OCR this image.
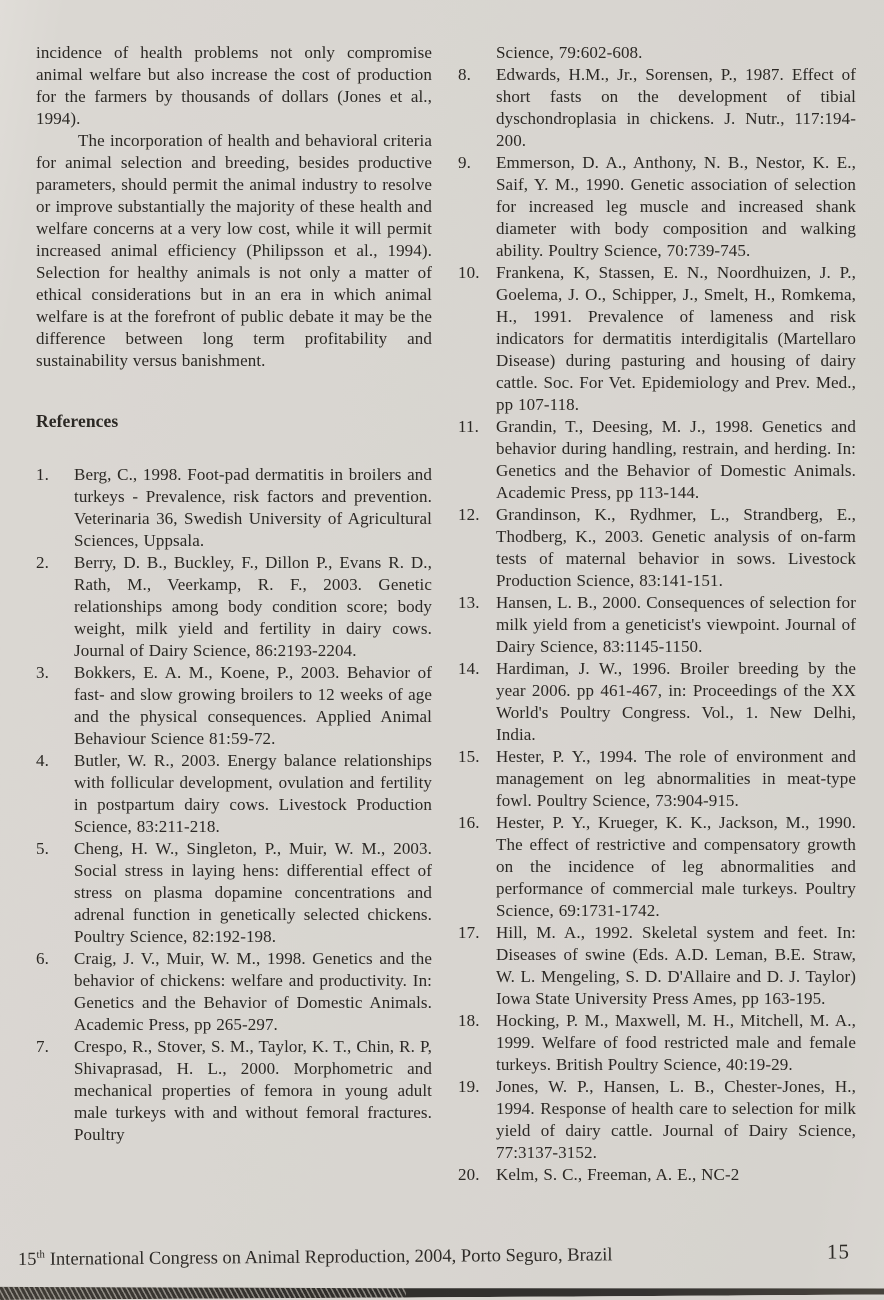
incidence of health problems not only compromise animal welfare but also increase the cost of production for the farmers by thousands of dollars (Jones et al., 1994).

The incorporation of health and behavioral criteria for animal selection and breeding, besides productive parameters, should permit the animal industry to resolve or improve substantially the majority of these health and welfare concerns at a very low cost, while it will permit increased animal efficiency (Philipsson et al., 1994). Selection for healthy animals is not only a matter of ethical considerations but in an era in which animal welfare is at the forefront of public debate it may be the difference between long term profitability and sustainability versus banishment.

References
1.	Berg, C., 1998. Foot-pad dermatitis in broilers and turkeys - Prevalence, risk factors and prevention. Veterinaria 36, Swedish University of Agricultural Sciences, Uppsala.
2.	Berry, D. B., Buckley, F., Dillon P., Evans R. D., Rath, M., Veerkamp, R. F., 2003. Genetic relationships among body condition score; body weight, milk yield and fertility in dairy cows. Journal of Dairy Science, 86:2193-2204.
3.	Bokkers, E. A. M., Koene, P., 2003. Behavior of fast- and slow growing broilers to 12 weeks of age and the physical consequences. Applied Animal Behaviour Science 81:59-72.
4.	Butler, W. R., 2003. Energy balance relationships with follicular development, ovulation and fertility in postpartum dairy cows. Livestock Production Science, 83:211-218.
5.	Cheng, H. W., Singleton, P., Muir, W. M., 2003. Social stress in laying hens: differential effect of stress on plasma dopamine concentrations and adrenal function in genetically selected chickens. Poultry Science, 82:192-198.
6.	Craig, J. V., Muir, W. M., 1998. Genetics and the behavior of chickens: welfare and productivity. In: Genetics and the Behavior of Domestic Animals. Academic Press, pp 265-297.
7.	Crespo, R., Stover, S. M., Taylor, K. T., Chin, R. P, Shivaprasad, H. L., 2000. Morphometric and mechanical properties of femora in young adult male turkeys with and without femoral fractures. Poultry
Science, 79:602-608.
8.	Edwards, H.M., Jr., Sorensen, P., 1987. Effect of short fasts on the development of tibial dyschondroplasia in chickens. J. Nutr., 117:194-200.
9.	Emmerson, D. A., Anthony, N. B., Nestor, K. E., Saif, Y. M., 1990. Genetic association of selection for increased leg muscle and increased shank diameter with body composition and walking ability. Poultry Science, 70:739-745.
10. Frankena, K, Stassen, E. N., Noordhuizen, J. P., Goelema, J. O., Schipper, J., Smelt, H., Romkema, H., 1991. Prevalence of lameness and risk indicators for dermatitis interdigitalis (Martellaro Disease) during pasturing and housing of dairy cattle. Soc. For Vet. Epidemiology and Prev. Med., pp 107-118.
11.	Grandin, T., Deesing, M. J., 1998. Genetics and behavior during handling, restrain, and herding. In: Genetics and the Behavior of Domestic Animals. Academic Press, pp 113-144.
12. Grandinson, K., Rydhmer, L., Strandberg, E., Thodberg, K., 2003. Genetic analysis of on-farm tests of maternal behavior in sows. Livestock Production Science, 83:141-151.
13. Hansen, L. B., 2000. Consequences of selection for milk yield from a geneticist's viewpoint. Journal of Dairy Science, 83:1145-1150.
14. Hardiman, J. W., 1996. Broiler breeding by the year 2006. pp 461-467, in: Proceedings of the XX World's Poultry Congress. Vol., 1. New Delhi, India.
15. Hester, P. Y., 1994. The role of environment and management on leg abnormalities in meat-type fowl. Poultry Science, 73:904-915.
16. Hester, P. Y., Krueger, K. K., Jackson, M., 1990. The effect of restrictive and compensatory growth on the incidence of leg abnormalities and performance of commercial male turkeys. Poultry Science, 69:1731-1742.
17. Hill, M. A., 1992. Skeletal system and feet. In: Diseases of swine (Eds. A.D. Leman, B.E. Straw, W. L. Mengeling, S. D. D'Allaire and D. J. Taylor) Iowa State University Press Ames, pp 163-195.
18. Hocking, P. M., Maxwell, M. H., Mitchell, M. A., 1999. Welfare of food restricted male and female turkeys. British Poultry Science, 40:19-29.
19. Jones, W. P., Hansen, L. B., Chester-Jones, H., 1994. Response of health care to selection for milk yield of dairy cattle. Journal of Dairy Science, 77:3137-3152.
20. Kelm, S. C., Freeman, A. E., NC-2
15th International Congress on Animal Reproduction, 2004, Porto Seguro, Brazil	15
